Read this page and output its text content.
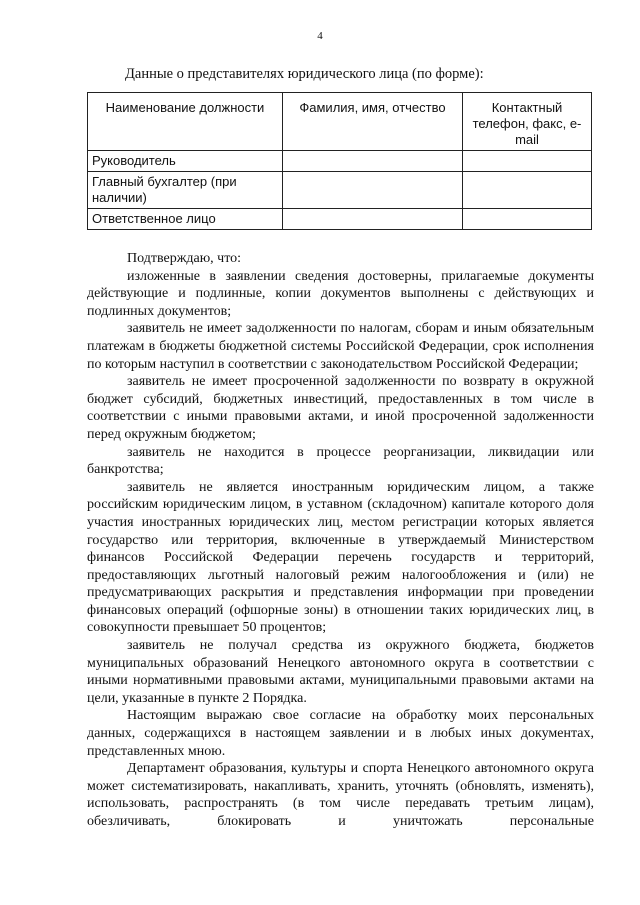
4
Данные о представителях юридического лица (по форме):
Наименование должности	Фамилия, имя, отчество	Контактный телефон, факс, e-mail
Руководитель		
Главный бухгалтер (при наличии)		
Ответственное лицо		

Подтверждаю, что:

изложенные в заявлении сведения достоверны, прилагаемые документы действующие и подлинные, копии документов выполнены с действующих и подлинных документов;

заявитель не имеет задолженности по налогам, сборам и иным обязательным платежам в бюджеты бюджетной системы Российской Федерации, срок исполнения по которым наступил в соответствии с законодательством Российской Федерации;

заявитель не имеет просроченной задолженности по возврату в окружной бюджет субсидий, бюджетных инвестиций, предоставленных в том числе в соответствии с иными правовыми актами, и иной просроченной задолженности перед окружным бюджетом;

заявитель не находится в процессе реорганизации, ликвидации или банкротства;

заявитель не является иностранным юридическим лицом, а также российским юридическим лицом, в уставном (складочном) капитале которого доля участия иностранных юридических лиц, местом регистрации которых является государство или территория, включенные в утверждаемый Министерством финансов Российской Федерации перечень государств и территорий, предоставляющих льготный налоговый режим налогообложения и (или) не предусматривающих раскрытия и представления информации при проведении финансовых операций (офшорные зоны) в отношении таких юридических лиц, в совокупности превышает 50 процентов;

заявитель не получал средства из окружного бюджета, бюджетов муниципальных образований Ненецкого автономного округа в соответствии с иными нормативными правовыми актами, муниципальными правовыми актами на цели, указанные в пункте 2 Порядка.

Настоящим выражаю свое согласие на обработку моих персональных данных, содержащихся в настоящем заявлении и в любых иных документах, представленных мною.

Департамент образования, культуры и спорта Ненецкого автономного округа может систематизировать, накапливать, хранить, уточнять (обновлять, изменять), использовать, распространять (в том числе передавать третьим лицам), обезличивать, блокировать и уничтожать персональные
